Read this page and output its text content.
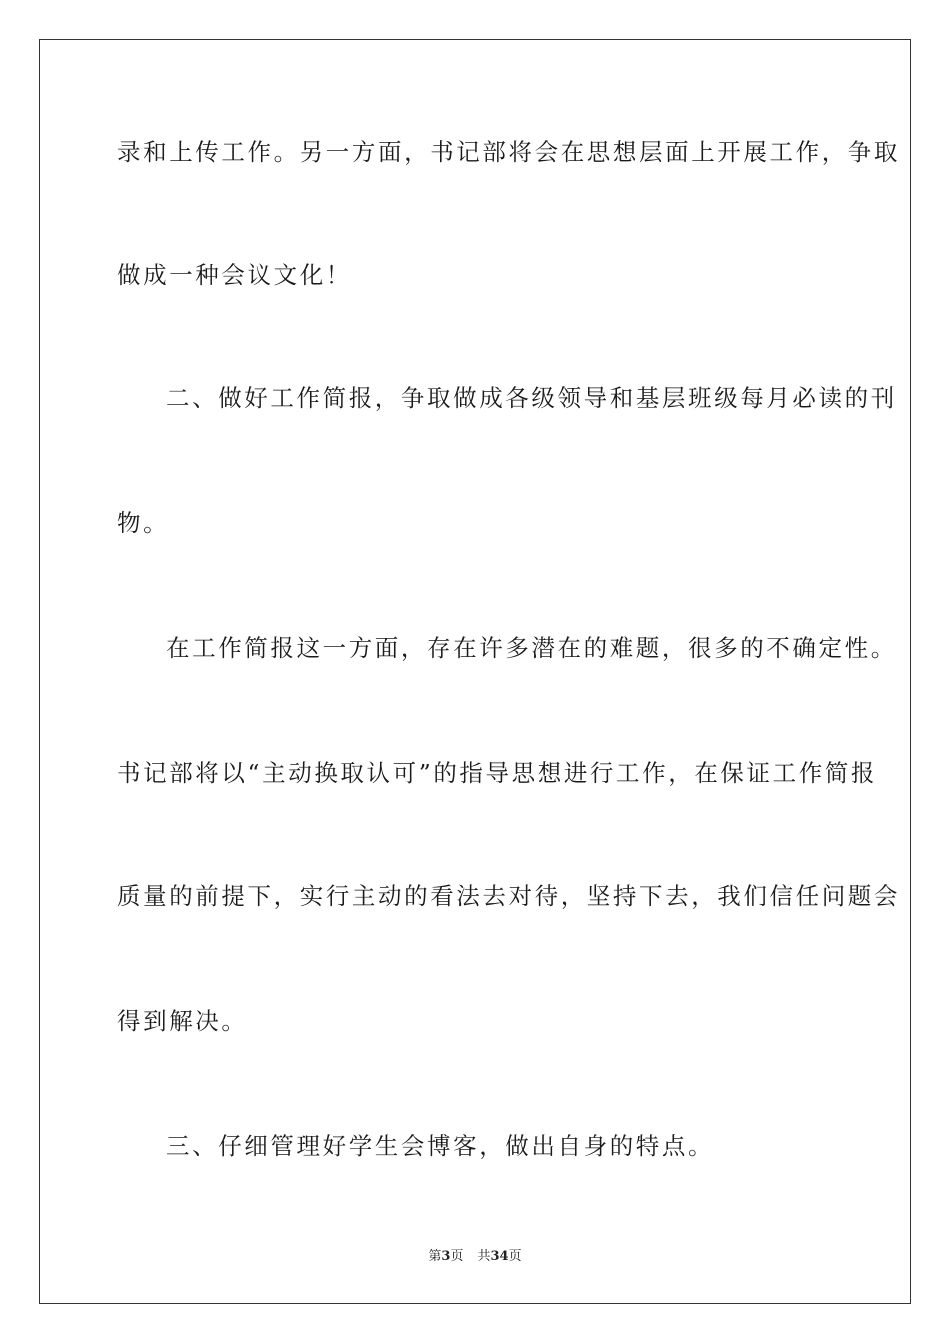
录和上传工作。另一方面，书记部将会在思想层面上开展工作，争取
做成一种会议文化！
二、做好工作简报，争取做成各级领导和基层班级每月必读的刊
物。
在工作简报这一方面，存在许多潜在的难题，很多的不确定性。
书记部将以“主动换取认可”的指导思想进行工作，在保证工作简报
质量的前提下，实行主动的看法去对待，坚持下去，我们信任问题会
得到解决。
三、仔细管理好学生会博客，做出自身的特点。
第3页 共34页
